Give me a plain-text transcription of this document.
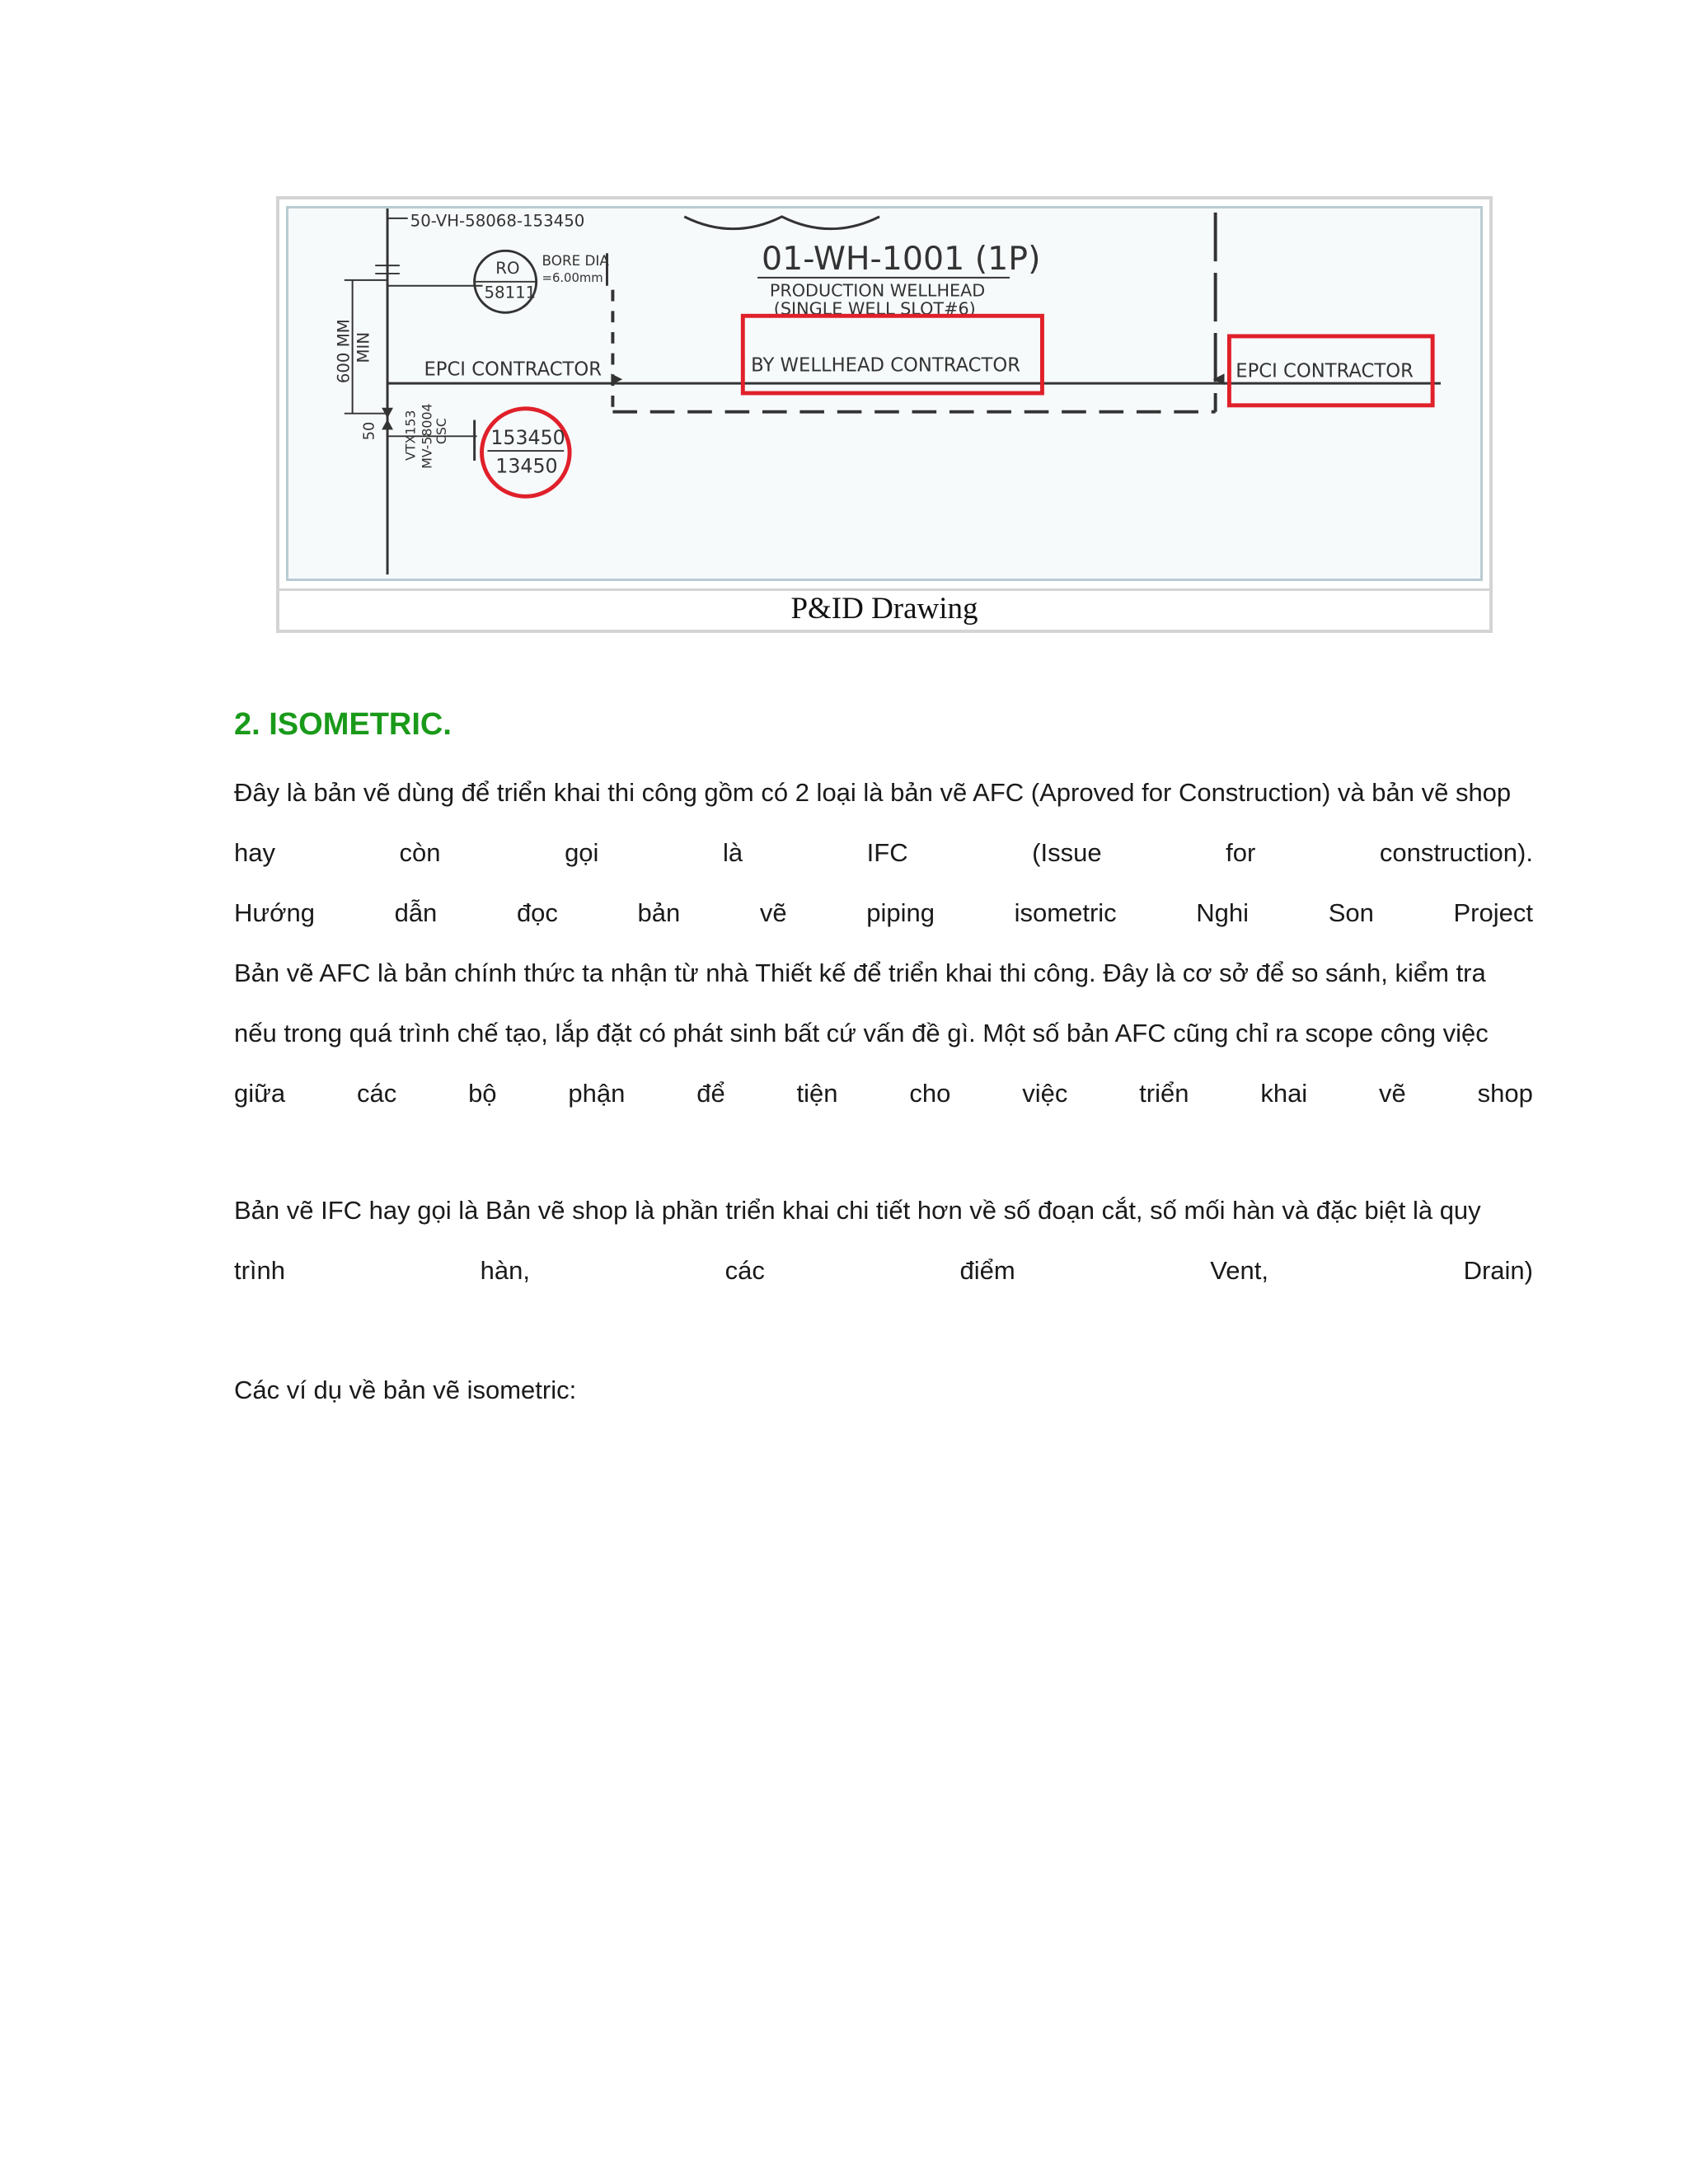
50-VH-58068-153450
600 MM MIN
50
RO
58111
BORE DIA
=6.00mm
01-WH-1001 (1P)
PRODUCTION WELLHEAD
(SINGLE WELL SLOT#6)
EPCI CONTRACTOR	BY WELLHEAD CONTRACTOR	EPCI CONTRACTOR
VTX153 MV-58004
CSC 153450
13450
P&ID Drawing
2. ISOMETRIC.
Đây là bản vẽ dùng để triển khai thi công gồm có 2 loại là bản vẽ AFC (Aproved for Construction) và bản vẽ shop
hay	còn	gọi	là	IFC	(Issue	for	construction).
Hướng	dẫn	đọc	bản	vẽ	piping	isometric	Nghi	Son	Project
Bản vẽ AFC là bản chính thức ta nhận từ nhà Thiết kế để triển khai thi công. Đây là cơ sở để so sánh, kiểm tra
nếu trong quá trình chế tạo, lắp đặt có phát sinh bất cứ vấn đề gì. Một số bản AFC cũng chỉ ra scope công việc
giữa	các	bộ	phận	để	tiện	cho	việc	triển	khai	vẽ	shop
Bản vẽ IFC hay gọi là Bản vẽ shop là phần triển khai chi tiết hơn về số đoạn cắt, số mối hàn và đặc biệt là quy
trình	hàn,	các	điểm	Vent,	Drain)
Các ví dụ về bản vẽ isometric:
